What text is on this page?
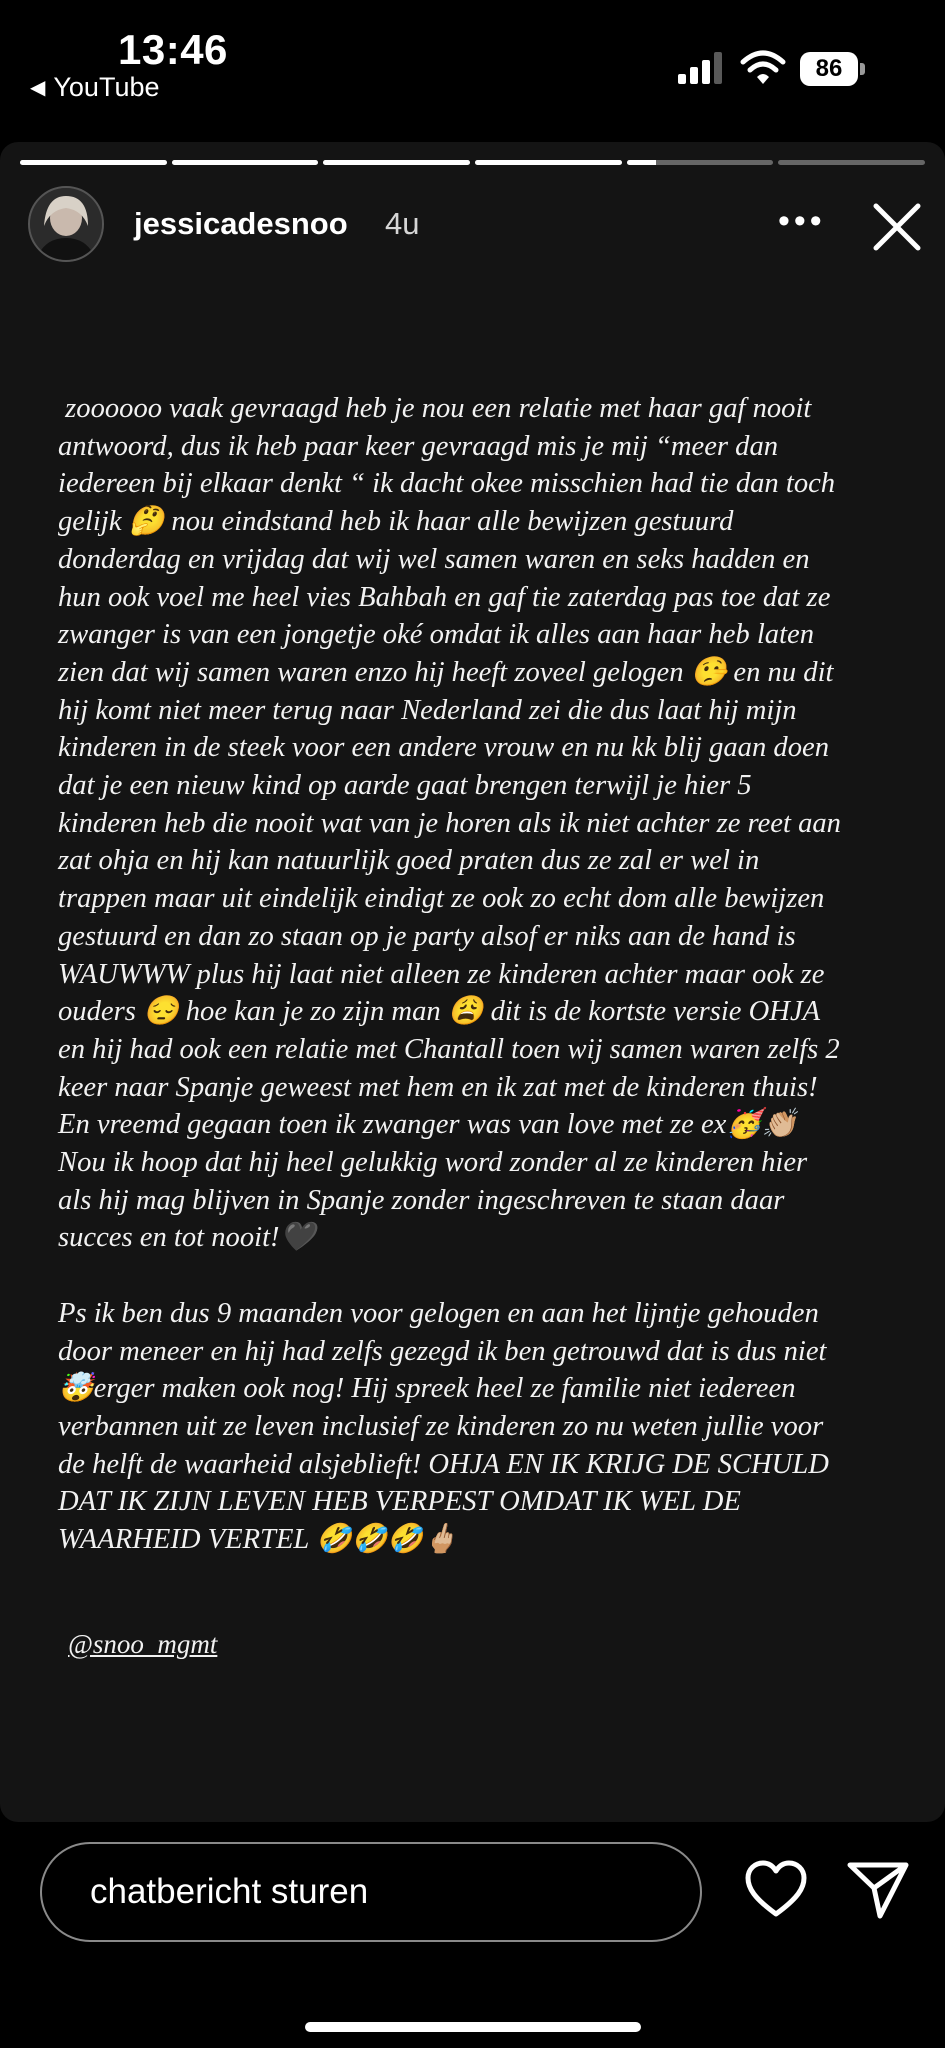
13:46
◀ YouTube
86
jessicadesnoo 4u	•••

zoooooo vaak gevraagd heb je nou een relatie met haar gaf nooit
antwoord, dus ik heb paar keer gevraagd mis je mij “meer dan
iedereen bij elkaar denkt “ ik dacht okee misschien had tie dan toch
gelijk 🤔 nou eindstand heb ik haar alle bewijzen gestuurd
donderdag en vrijdag dat wij wel samen waren en seks hadden en
hun ook voel me heel vies Bahbah en gaf tie zaterdag pas toe dat ze
zwanger is van een jongetje oké omdat ik alles aan haar heb laten
zien dat wij samen waren enzo hij heeft zoveel gelogen 🤥 en nu dit
hij komt niet meer terug naar Nederland zei die dus laat hij mijn
kinderen in de steek voor een andere vrouw en nu kk blij gaan doen
dat je een nieuw kind op aarde gaat brengen terwijl je hier 5
kinderen heb die nooit wat van je horen als ik niet achter ze reet aan
zat ohja en hij kan natuurlijk goed praten dus ze zal er wel in
trappen maar uit eindelijk eindigt ze ook zo echt dom alle bewijzen
gestuurd en dan zo staan op je party alsof er niks aan de hand is
WAUWWW plus hij laat niet alleen ze kinderen achter maar ook ze
ouders 😔 hoe kan je zo zijn man 😩 dit is de kortste versie OHJA
en hij had ook een relatie met Chantall toen wij samen waren zelfs 2
keer naar Spanje geweest met hem en ik zat met de kinderen thuis!
En vreemd gegaan toen ik zwanger was van love met ze ex🥳👏🏼
Nou ik hoop dat hij heel gelukkig word zonder al ze kinderen hier
als hij mag blijven in Spanje zonder ingeschreven te staan daar
succes en tot nooit!🖤

Ps ik ben dus 9 maanden voor gelogen en aan het lijntje gehouden
door meneer en hij had zelfs gezegd ik ben getrouwd dat is dus niet
🤯erger maken ook nog! Hij spreek heel ze familie niet iedereen
verbannen uit ze leven inclusief ze kinderen zo nu weten jullie voor
de helft de waarheid alsjeblieft! OHJA EN IK KRIJG DE SCHULD
DAT IK ZIJN LEVEN HEB VERPEST OMDAT IK WEL DE
WAARHEID VERTEL 🤣🤣🤣🖕🏼

@snoo_mgmt
chatbericht sturen
